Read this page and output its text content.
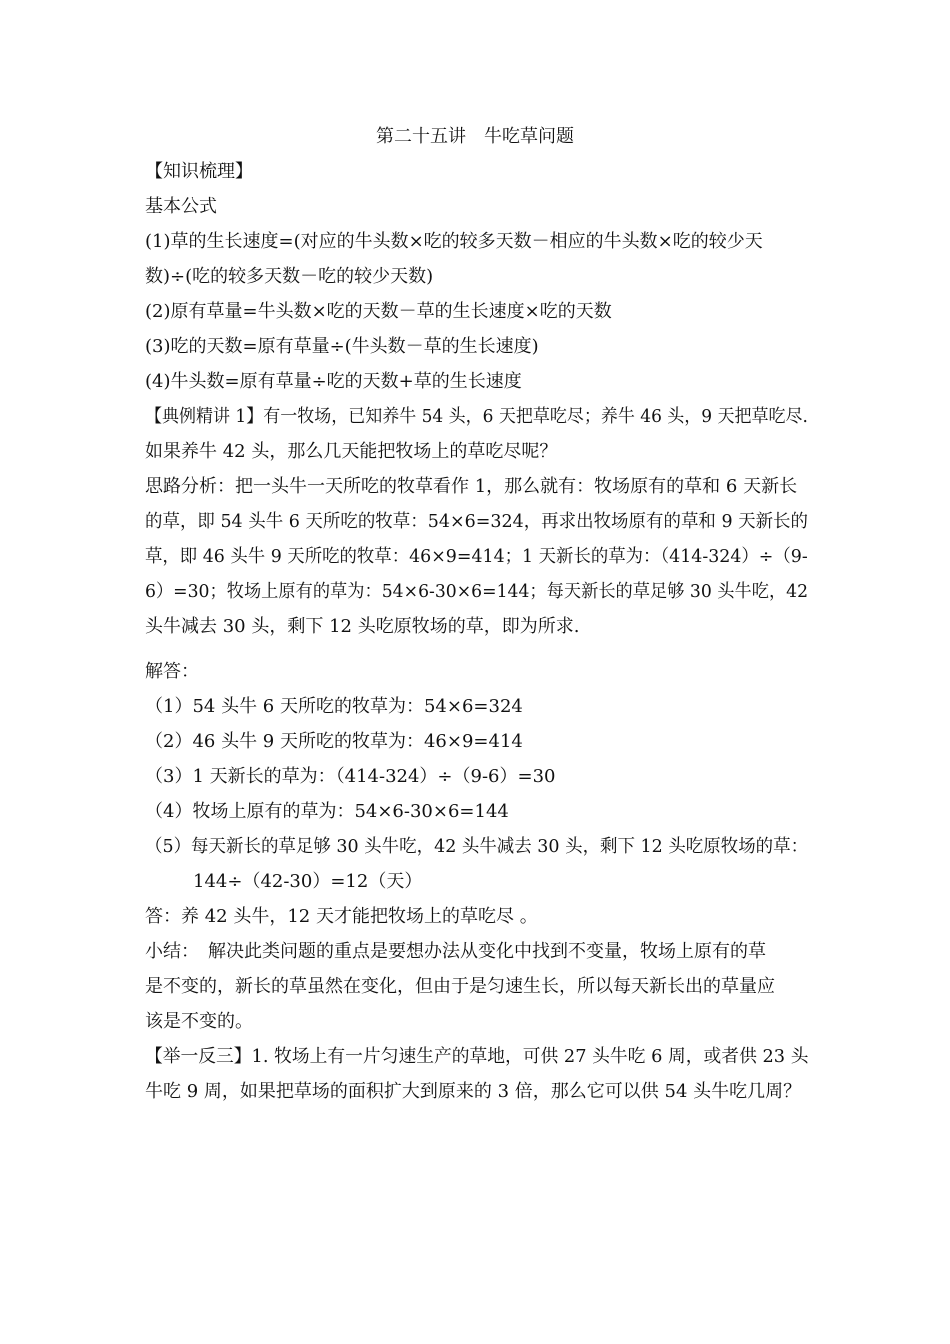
第二十五讲　牛吃草问题
【知识梳理】
基本公式
(1)草的生长速度=(对应的牛头数×吃的较多天数－相应的牛头数×吃的较少天
数)÷(吃的较多天数－吃的较少天数)
(2)原有草量=牛头数×吃的天数－草的生长速度×吃的天数
(3)吃的天数=原有草量÷(牛头数－草的生长速度)
(4)牛头数=原有草量÷吃的天数+草的生长速度
【典例精讲 1】有一牧场，已知养牛 54 头，6 天把草吃尽；养牛 46 头，9 天把草吃尽.
如果养牛 42 头，那么几天能把牧场上的草吃尽呢？
思路分析：把一头牛一天所吃的牧草看作 1，那么就有：牧场原有的草和 6 天新长
的草，即 54 头牛 6 天所吃的牧草：54×6=324，再求出牧场原有的草和 9 天新长的
草，即 46 头牛 9 天所吃的牧草：46×9=414；1 天新长的草为：（414-324）÷（9-
6）=30；牧场上原有的草为：54×6-30×6=144；每天新长的草足够 30 头牛吃，42
头牛减去 30 头，剩下 12 头吃原牧场的草，即为所求.
解答：
（1）54 头牛 6 天所吃的牧草为：54×6=324
（2）46 头牛 9 天所吃的牧草为：46×9=414
（3）1 天新长的草为：（414-324）÷（9-6）=30
（4）牧场上原有的草为：54×6-30×6=144
（5）每天新长的草足够 30 头牛吃，42 头牛减去 30 头，剩下 12 头吃原牧场的草：
144÷（42-30）=12（天）
答：养 42 头牛，12 天才能把牧场上的草吃尽 。
小结：　解决此类问题的重点是要想办法从变化中找到不变量，牧场上原有的草
是不变的，新长的草虽然在变化，但由于是匀速生长，所以每天新长出的草量应
该是不变的。
【举一反三】1. 牧场上有一片匀速生产的草地，可供 27 头牛吃 6 周，或者供 23 头
牛吃 9 周，如果把草场的面积扩大到原来的 3 倍，那么它可以供 54 头牛吃几周？
